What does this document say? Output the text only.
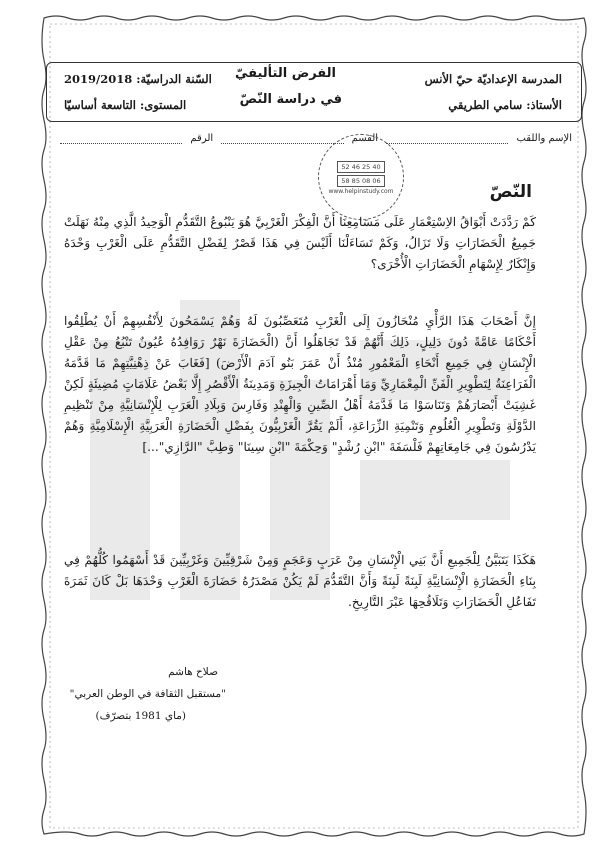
المدرسة الإعداديّة حيّ الأنس
الأستاذ: سامي الطريقي
الفرض التأليفيّ
في دراسة النّصّ
السّنة الدراسيّة: 2019/2018
المستوى: التاسعة أساسيّا
الإسم واللقب
القسم
الرقم
52 46 25 40
58 85 08 06
www.helpinstudy.com	النّصّ
كَمْ رَدَّدَتْ أَبْوَاقُ الاِسْتِعْمَارِ عَلَى مَسَامِعِنَا أَنَّ الْفِكْرَ الْغَرْبِيَّ هُوَ يَنْبُوعُ التَّقَدُّمِ الْوَحِيدُ الَّذِي مِنْهُ نَهَلَتْ جَمِيعُ الْحَضَارَاتِ وَلَا تَزَالُ، وَكَمْ تَسَاءَلْنَا أَلَيْسَ فِي هَذَا قَصْرٌ لِفَضْلِ التَّقَدُّمِ عَلَى الْغَرْبِ وَحْدَهُ وَإِنْكَارٌ لِإِسْهَامِ الْحَضَارَاتِ الْأُخْرَى؟
إِنَّ أَصْحَابَ هَذَا الرَّأْيِ مُنْحَازُونَ إِلَى الْغَرْبِ مُتَعَصِّبُونَ لَهُ وَهُمْ يَسْمَحُونَ لِأَنْفُسِهِمْ أَنْ يُطْلِقُوا أَحْكَامًا عَامَّةً دُونَ دَلِيلٍ، ذَلِكَ أَنَّهُمْ قَدْ تَجَاهَلُوا أَنَّ (الْحَضَارَةَ نَهْرٌ رَوَافِدُهُ عُيُونٌ تَنْبُعُ مِنْ عَقْلِ الْإِنْسَانِ فِي جَمِيعِ أَنْحَاءِ الْمَعْمُورِ مُنْذُ أَنْ عَمَرَ بَنُو آدَمَ الْأَرْضَ) [فَغَابَ عَنْ ذِهْنِيَّتِهِمْ مَا قَدَّمَهُ الْفَرَاعِنَةُ لِتَطْوِيرِ الْفَنِّ الْمِعْمَارِيِّ وَمَا أَهْرَامَاتُ الْجِيزَةِ وَمَدِينَةُ الْأَقْصُرِ إِلَّا بَعْضُ عَلَامَاتٍ مُضِيئَةٍ لَكِنْ غَشِيَتْ أَبْصَارَهُمْ وَتَنَاسَوْا مَا قَدَّمَهُ أَهْلُ الصِّينِ وَالْهِنْدِ وَفَارِسَ وَبِلَادِ الْعَرَبِ لِلْإِنْسَانِيَّةِ مِنْ تَنْظِيمِ الدَّوْلَةِ وَتَطْوِيرِ الْعُلُومِ وَتَنْمِيَةِ الزِّرَاعَةِ، أَلَمْ يَقُرَّ الْغَرْبِيُّونَ بِفَضْلِ الْحَضَارَةِ الْعَرَبِيَّةِ الْإِسْلَامِيَّةِ وَهُمْ يَدْرُسُونَ فِي جَامِعَاتِهِمْ فَلْسَفَةَ "ابْنِ رُشْدٍ" وَحِكْمَةَ "ابْنِ سِينَا" وَطِبَّ "الرَّازِي"...]
هَكَذَا يَتَبَيَّنُ لِلْجَمِيعِ أَنَّ بَنِي الْإِنْسَانِ مِنْ عَرَبٍ وَعَجَمٍ وَمِنْ شَرْقِيِّينَ وَغَرْبِيِّينَ قَدْ أَسْهَمُوا كُلُّهُمْ فِي بِنَاءِ الْحَضَارَةِ الْإِنْسَانِيَّةِ لَبِنَةً لَبِنَةً وَأَنَّ التَّقَدُّمَ لَمْ يَكُنْ مَصْدَرُهُ حَضَارَةَ الْغَرْبِ وَحْدَهَا بَلْ كَانَ ثَمَرَةَ تَفَاعُلِ الْحَضَارَاتِ وَتَلَاقُحِهَا عَبْرَ التَّارِيخِ.
صلاح هاشم
"مستقبل الثقافة في الوطن العربي"
(ماي 1981 بتصرّف)
